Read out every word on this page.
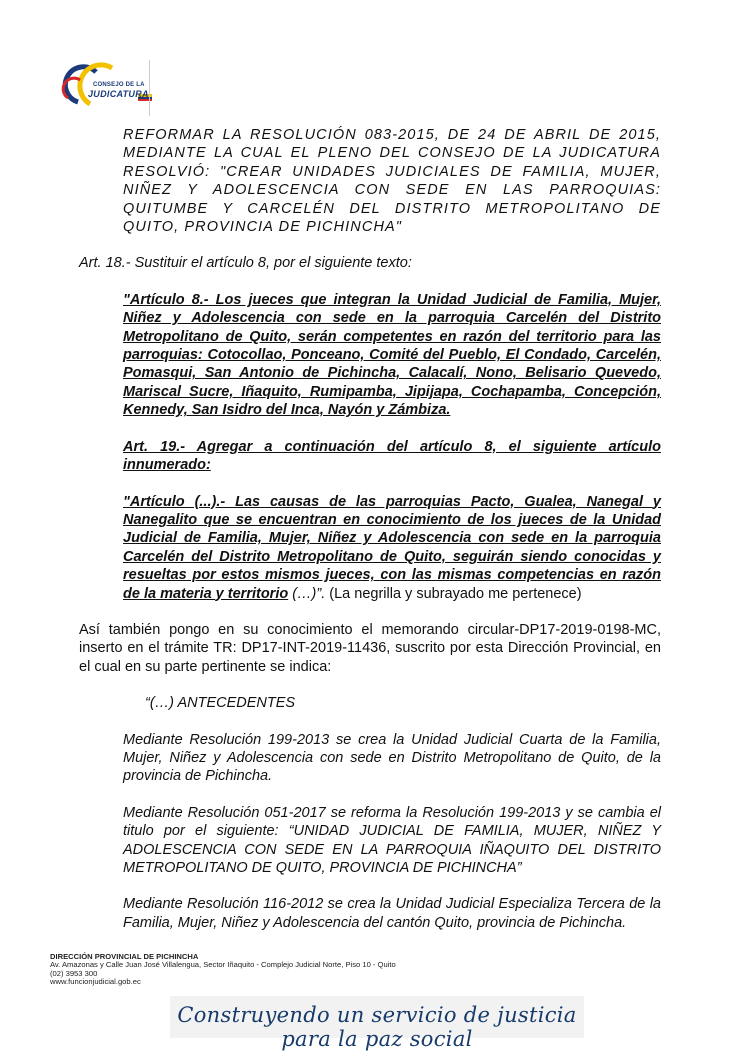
CONSEJO DE LA
JUDICATURA

REFORMAR LA RESOLUCIÓN 083-2015, DE 24 DE ABRIL DE 2015, MEDIANTE LA CUAL EL PLENO DEL CONSEJO DE LA JUDICATURA RESOLVIÓ: "CREAR UNIDADES JUDICIALES DE FAMILIA, MUJER, NIÑEZ Y ADOLESCENCIA CON SEDE EN LAS PARROQUIAS: QUITUMBE Y CARCELÉN DEL DISTRITO METROPOLITANO DE QUITO, PROVINCIA DE PICHINCHA"

Art. 18.- Sustituir el artículo 8, por el siguiente texto:

"Artículo 8.- Los jueces que integran la Unidad Judicial de Familia, Mujer, Niñez y Adolescencia con sede en la parroquia Carcelén del Distrito Metropolitano de Quito, serán competentes en razón del territorio para las parroquias: Cotocollao, Ponceano, Comité del Pueblo, El Condado, Carcelén, Pomasqui, San Antonio de Pichincha, Calacalí, Nono, Belisario Quevedo, Mariscal Sucre, Iñaquito, Rumipamba, Jipijapa, Cochapamba, Concepción, Kennedy, San Isidro del Inca, Nayón y Zámbiza.

Art. 19.- Agregar a continuación del artículo 8, el siguiente artículo innumerado:

"Artículo (...).- Las causas de las parroquias Pacto, Gualea, Nanegal y Nanegalito que se encuentran en conocimiento de los jueces de la Unidad Judicial de Familia, Mujer, Niñez y Adolescencia con sede en la parroquia Carcelén del Distrito Metropolitano de Quito, seguirán siendo conocidas y resueltas por estos mismos jueces, con las mismas competencias en razón de la materia y territorio (…)”. (La negrilla y subrayado me pertenece)

Así también pongo en su conocimiento el memorando circular-DP17-2019-0198-MC, inserto en el trámite TR: DP17-INT-2019-11436, suscrito por esta Dirección Provincial, en el cual en su parte pertinente se indica:

“(…) ANTECEDENTES

Mediante Resolución 199-2013 se crea la Unidad Judicial Cuarta de la Familia, Mujer, Niñez y Adolescencia con sede en Distrito Metropolitano de Quito, de la provincia de Pichincha.

Mediante Resolución 051-2017 se reforma la Resolución 199-2013 y se cambia el titulo por el siguiente: “UNIDAD JUDICIAL DE FAMILIA, MUJER, NIÑEZ Y ADOLESCENCIA CON SEDE EN LA PARROQUIA IÑAQUITO DEL DISTRITO METROPOLITANO DE QUITO, PROVINCIA DE PICHINCHA”

Mediante Resolución 116-2012 se crea la Unidad Judicial Especializa Tercera de la Familia, Mujer, Niñez y Adolescencia del cantón Quito, provincia de Pichincha.

DIRECCIÓN PROVINCIAL DE PICHINCHA
Av. Amazonas y Calle Juan José Villalengua, Sector Iñaquito - Complejo Judicial Norte, Piso 10 - Quito
(02) 3953 300
www.funcionjudicial.gob.ec
Construyendo un servicio de justicia para la paz social
